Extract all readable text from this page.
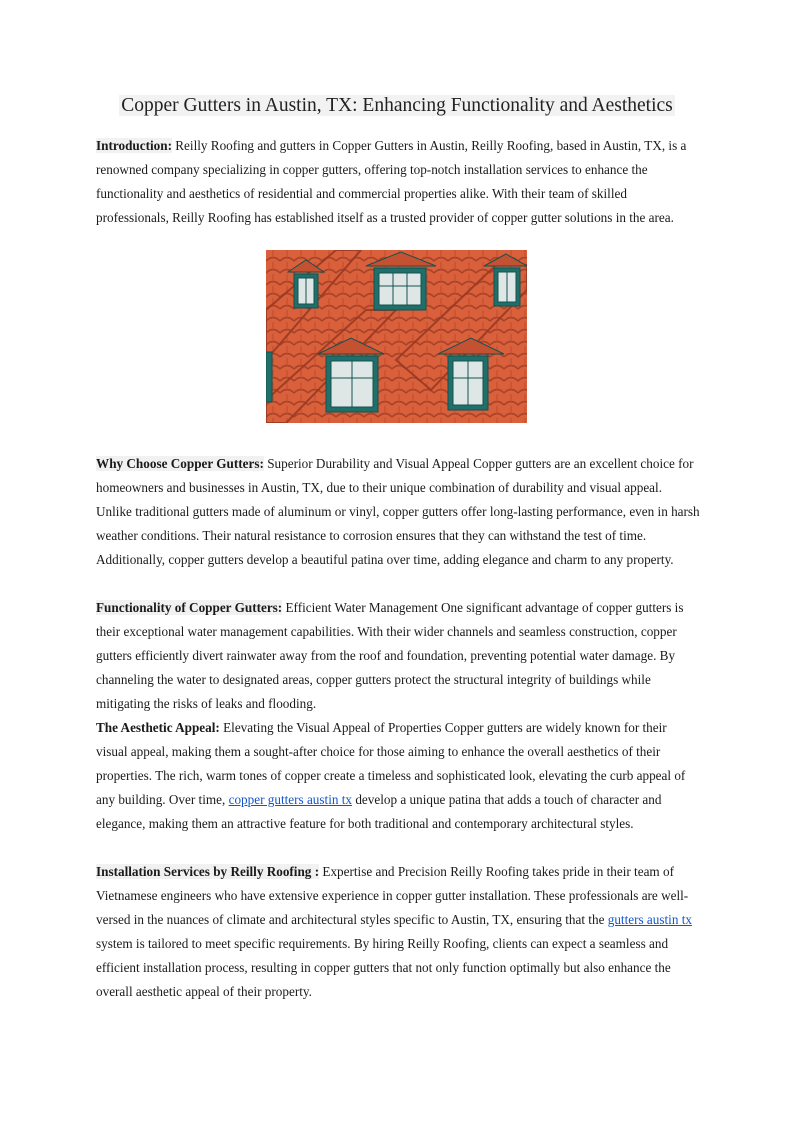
Copper Gutters in Austin, TX: Enhancing Functionality and Aesthetics
Introduction: Reilly Roofing and gutters in Copper Gutters in Austin, Reilly Roofing, based in Austin, TX, is a renowned company specializing in copper gutters, offering top-notch installation services to enhance the functionality and aesthetics of residential and commercial properties alike. With their team of skilled professionals, Reilly Roofing has established itself as a trusted provider of copper gutter solutions in the area.
Why Choose Copper Gutters: Superior Durability and Visual Appeal Copper gutters are an excellent choice for homeowners and businesses in Austin, TX, due to their unique combination of durability and visual appeal. Unlike traditional gutters made of aluminum or vinyl, copper gutters offer long-lasting performance, even in harsh weather conditions. Their natural resistance to corrosion ensures that they can withstand the test of time. Additionally, copper gutters develop a beautiful patina over time, adding elegance and charm to any property.
Functionality of Copper Gutters: Efficient Water Management One significant advantage of copper gutters is their exceptional water management capabilities. With their wider channels and seamless construction, copper gutters efficiently divert rainwater away from the roof and foundation, preventing potential water damage. By channeling the water to designated areas, copper gutters protect the structural integrity of buildings while mitigating the risks of leaks and flooding.
The Aesthetic Appeal: Elevating the Visual Appeal of Properties Copper gutters are widely known for their visual appeal, making them a sought-after choice for those aiming to enhance the overall aesthetics of their properties. The rich, warm tones of copper create a timeless and sophisticated look, elevating the curb appeal of any building. Over time, copper gutters austin tx develop a unique patina that adds a touch of character and elegance, making them an attractive feature for both traditional and contemporary architectural styles.
Installation Services by Reilly Roofing : Expertise and Precision Reilly Roofing takes pride in their team of Vietnamese engineers who have extensive experience in copper gutter installation. These professionals are well-versed in the nuances of climate and architectural styles specific to Austin, TX, ensuring that the gutters austin tx system is tailored to meet specific requirements. By hiring Reilly Roofing, clients can expect a seamless and efficient installation process, resulting in copper gutters that not only function optimally but also enhance the overall aesthetic appeal of their property.
